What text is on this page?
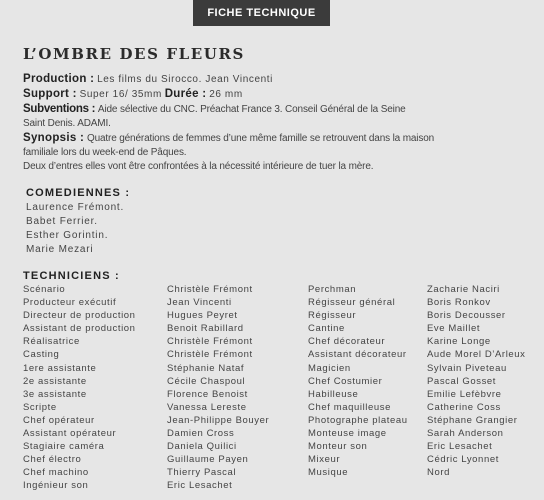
FICHE TECHNIQUE
L’OMBRE DES FLEURS
Production : Les films du Sirocco. Jean Vincenti
Support : Super 16/ 35mm Durée : 26 mm
Subventions : Aide sélective du CNC. Préachat France 3. Conseil Général de la Seine
Saint Denis. ADAMI.
Synopsis : Quatre générations de femmes d’une même famille se retrouvent dans la maison
familiale lors du week-end de Pâques.
Deux d’entres elles vont être confrontées à la nécessité intérieure de tuer la mère.
COMEDIENNES :
Laurence Frémont.
Babet Ferrier.
Esther Gorintin.
Marie Mezari
TECHNICIENS :
Scénario
Producteur exécutif
Directeur de production
Assistant de production
Réalisatrice
Casting
1ere assistante
2e assistante
3e assistante
Scripte
Chef opérateur
Assistant opérateur
Stagiaire caméra
Chef électro
Chef machino
Ingénieur son
Christèle Frémont
Jean Vincenti
Hugues Peyret
Benoit Rabillard
Christèle Frémont
Christèle Frémont
Stéphanie Nataf
Cécile Chaspoul
Florence Benoist
Vanessa Lereste
Jean-Philippe Bouyer
Damien Cross
Daniela Quilici
Guillaume Payen
Thierry Pascal
Eric Lesachet
Perchman
Régisseur général
Régisseur
Cantine
Chef décorateur
Assistant décorateur
Magicien
Chef Costumier
Habilleuse
Chef maquilleuse
Photographe plateau
Monteuse image
Monteur son
Mixeur
Musique
Zacharie Naciri
Boris Ronkov
Boris Decousser
Eve Maillet
Karine Longe
Aude Morel D’Arleux
Sylvain Piveteau
Pascal Gosset
Emilie Lefèbvre
Catherine Coss
Stéphane Grangier
Sarah Anderson
Eric Lesachet
Cédric Lyonnet
Nord
